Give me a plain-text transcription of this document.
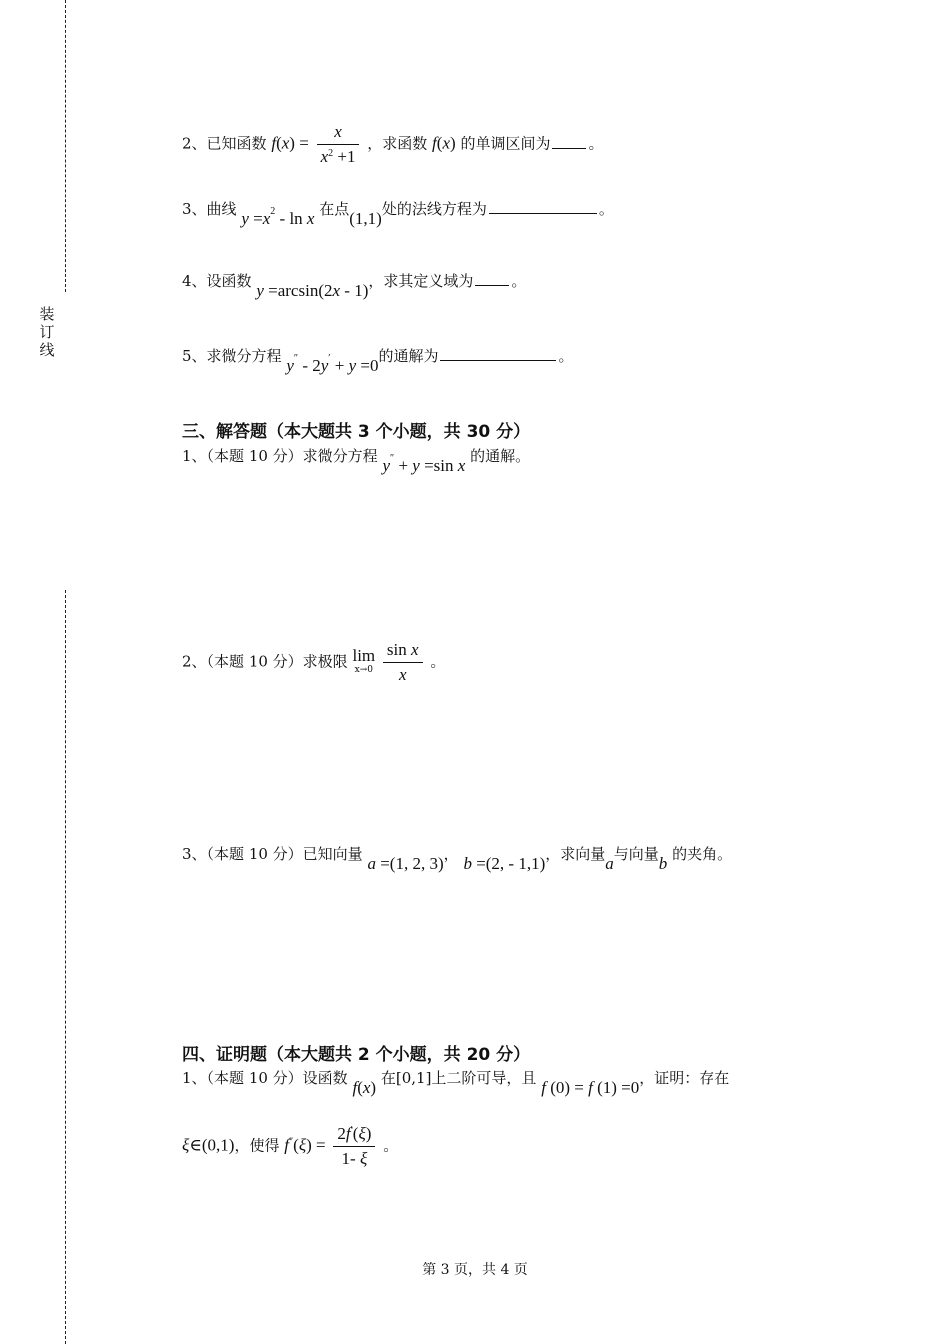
装
订
线
2、已知函数 $f(x) = \frac{x}{x^2 +1}$ ，求函数 f(x) 的单调区间为	。
3、曲线 $y =x^2 - \ln x$ 在点(1,1)处的法线方程为	。
4、设函数 y =arcsin(2x - 1)，求其定义域为	。
5、求微分方程 y″ - 2y′ + y =0的通解为	。
三、解答题（本大题共 3 个小题，共 30 分）
1、（本题 10 分）求微分方程 y″ + y =sin x 的通解。
2、（本题 10 分）求极限 lim
x→0
$\frac{\text{sin x}}{x}$ 。
3、（本题 10 分）已知向量 a =(1, 2, 3)， b =(2, - 1,1)，求向量a与向量b 的夹角。
四、证明题（本大题共 2 个小题，共 20 分）
1、（本题 10 分）设函数 f(x) 在[0,1]上二阶可导，且 f (0) = f (1) =0，证明：存在
ξ∈(0,1)，使得 $f''(\xi) = \frac{2f'(\xi)}{1- \xi}$ 。
第 3 页，共 4 页
